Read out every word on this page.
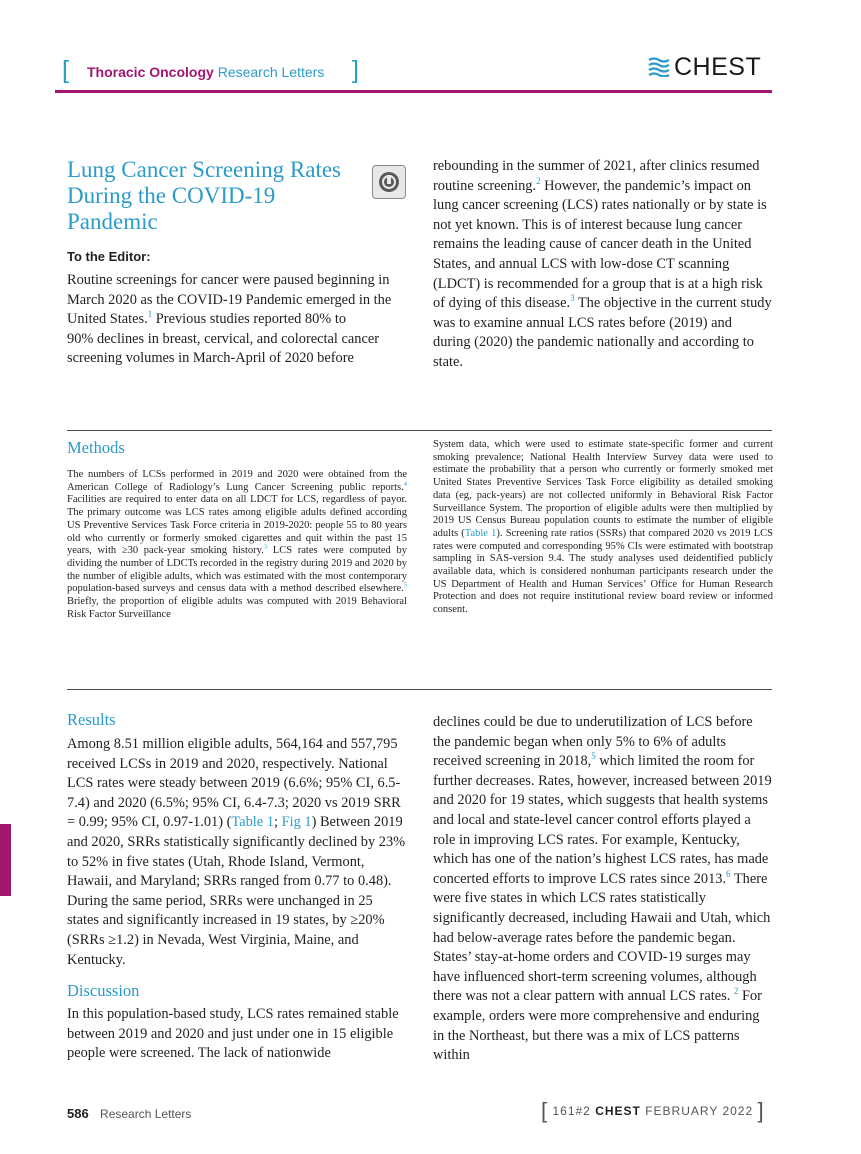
[ Thoracic Oncology Research Letters ]	CHEST
Lung Cancer Screening Rates During the COVID-19 Pandemic
To the Editor:
Routine screenings for cancer were paused beginning in
March 2020 as the COVID-19 Pandemic emerged in the
United States.$^1$ Previous studies reported 80% to
90% declines in breast, cervical, and colorectal cancer
screening volumes in March-April of 2020 before

rebounding in the summer of 2021, after clinics resumed routine screening.$^2$ However, the pandemic’s impact on lung cancer screening (LCS) rates nationally or by state is not yet known. This is of interest because lung cancer remains the leading cause of cancer death in the United States, and annual LCS with low-dose CT scanning (LDCT) is recommended for a group that is at a high risk of dying of this disease.$^3$ The objective in the current study was to examine annual LCS rates before (2019) and during (2020) the pandemic nationally and according to state.

Methods

The numbers of LCSs performed in 2019 and 2020 were obtained from the American College of Radiology’s Lung Cancer Screening public reports.$^4$ Facilities are required to enter data on all LDCT for LCS, regardless of payor. The primary outcome was LCS rates among eligible adults defined according US Preventive Services Task Force criteria in 2019-2020: people 55 to 80 years old who currently or formerly smoked cigarettes and quit within the past 15 years, with ≥30 pack-year smoking history.$^3$ LCS rates were computed by dividing the number of LDCTs recorded in the registry during 2019 and 2020 by the number of eligible adults, which was estimated with the most contemporary population-based surveys and census data with a method described elsewhere.$^5$ Briefly, the proportion of eligible adults was computed with 2019 Behavioral Risk Factor Surveillance

System data, which were used to estimate state-specific former and current smoking prevalence; National Health Interview Survey data were used to estimate the probability that a person who currently or formerly smoked met United States Preventive Services Task Force eligibility as detailed smoking data (eg, pack-years) are not collected uniformly in Behavioral Risk Factor Surveillance System. The proportion of eligible adults were then multiplied by 2019 US Census Bureau population counts to estimate the number of eligible adults (Table 1). Screening rate ratios (SSRs) that compared 2020 vs 2019 LCS rates were computed and corresponding 95% CIs were estimated with bootstrap sampling in SAS-version 9.4. The study analyses used deidentified publicly available data, which is considered nonhuman participants research under the US Department of Health and Human Services’ Office for Human Research Protection and does not require institutional review board review or informed consent.

Results

Among 8.51 million eligible adults, 564,164 and 557,795 received LCSs in 2019 and 2020, respectively. National LCS rates were steady between 2019 (6.6%; 95% CI, 6.5-7.4) and 2020 (6.5%; 95% CI, 6.4-7.3; 2020 vs 2019 SRR = 0.99; 95% CI, 0.97-1.01) (Table 1; Fig 1) Between 2019 and 2020, SRRs statistically significantly declined by 23% to 52% in five states (Utah, Rhode Island, Vermont, Hawaii, and Maryland; SRRs ranged from 0.77 to 0.48). During the same period, SRRs were unchanged in 25 states and significantly increased in 19 states, by ≥20% (SRRs ≥1.2) in Nevada, West Virginia, Maine, and Kentucky.

Discussion

In this population-based study, LCS rates remained stable between 2019 and 2020 and just under one in 15 eligible people were screened. The lack of nationwide

declines could be due to underutilization of LCS before the pandemic began when only 5% to 6% of adults received screening in 2018,$^5$ which limited the room for further decreases. Rates, however, increased between 2019 and 2020 for 19 states, which suggests that health systems and local and state-level cancer control efforts played a role in improving LCS rates. For example, Kentucky, which has one of the nation’s highest LCS rates, has made concerted efforts to improve LCS rates since 2013.$^6$ There were five states in which LCS rates statistically significantly decreased, including Hawaii and Utah, which had below-average rates before the pandemic began. States’ stay-at-home orders and COVID-19 surges may have influenced short-term screening volumes, although there was not a clear pattern with annual LCS rates. $^2$ For example, orders were more comprehensive and enduring in the Northeast, but there was a mix of LCS patterns within

586 Research Letters	[ 161#2 CHEST FEBRUARY 2022 ]
